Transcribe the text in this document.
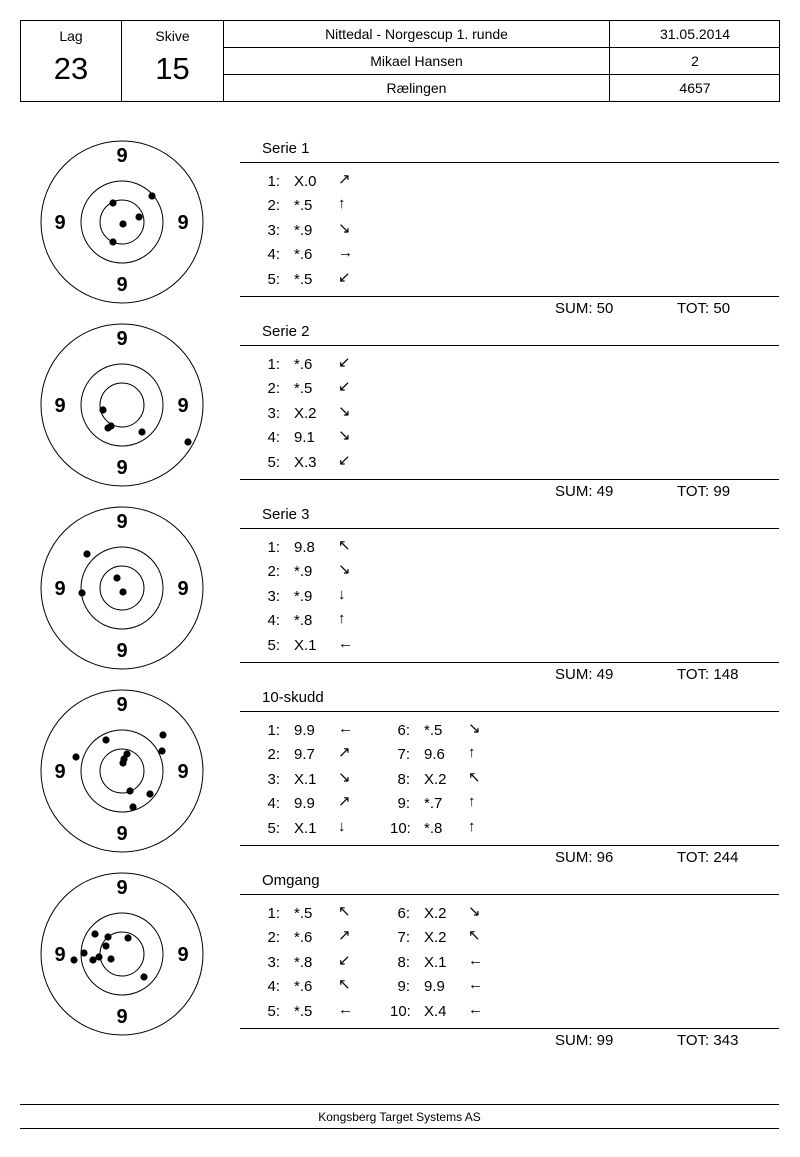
Lag
23
Skive
15
Nittedal - Norgescup 1. runde	31.05.2014
Mikael Hansen	2
Rælingen	4657
9
9
9	9
Serie 1
1: X.0 ↗
2: *.5 ↑
3: *.9 ↘
4: *.6 →
5: *.5 ↙
SUM: 50	TOT: 50
9
9
9	9
Serie 2
1: *.6 ↙
2: *.5 ↙
3: X.2 ↘
4: 9.1 ↘
5: X.3 ↙
SUM: 49	TOT: 99
9
9
9	9
Serie 3
1: 9.8 ↖
2: *.9 ↘
3: *.9 ↓
4: *.8 ↑
5: X.1 ←
SUM: 49	TOT: 148
9
9
9	9
10-skudd
1: 9.9 ←
2: 9.7 ↗
3: X.1 ↘
4: 9.9 ↗
5: X.1 ↓
6: *.5 ↘
7: 9.6 ↑
8: X.2 ↖
9: *.7 ↑
10: *.8 ↑
SUM: 96	TOT: 244
9
9
9	9
Omgang
1: *.5 ↖
2: *.6 ↗
3: *.8 ↙
4: *.6 ↖
5: *.5 ←
6: X.2 ↘
7: X.2 ↖
8: X.1 ←
9: 9.9 ←
10: X.4 ←
SUM: 99	TOT: 343
Kongsberg Target Systems AS
